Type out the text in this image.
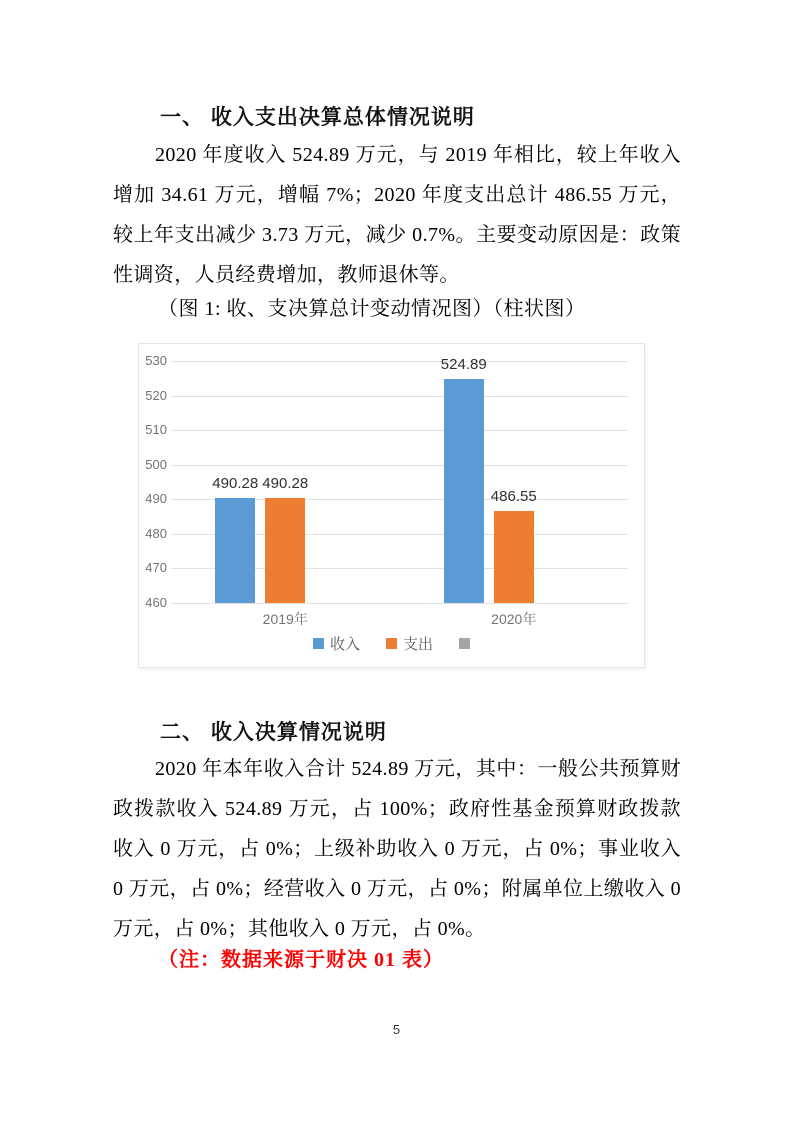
一、 收入支出决算总体情况说明
2020 年度收入 524.89 万元，与 2019 年相比，较上年收入增加 34.61 万元，增幅 7%；2020 年度支出总计 486.55 万元，较上年支出减少 3.73 万元，减少 0.7%。主要变动原因是：政策性调资，人员经费增加，教师退休等。
（图 1: 收、支决算总计变动情况图）（柱状图）
460
470
480
490
500
510
520
530
2019年
490.28 490.28
2020年
524.89
486.55
收入	支出
二、 收入决算情况说明
2020 年本年收入合计 524.89 万元，其中：一般公共预算财政拨款收入 524.89 万元，占 100%；政府性基金预算财政拨款收入 0 万元，占 0%；上级补助收入 0 万元，占 0%；事业收入 0 万元，占 0%；经营收入 0 万元，占 0%；附属单位上缴收入 0 万元，占 0%；其他收入 0 万元，占 0%。
（注：数据来源于财决 01 表）
5
